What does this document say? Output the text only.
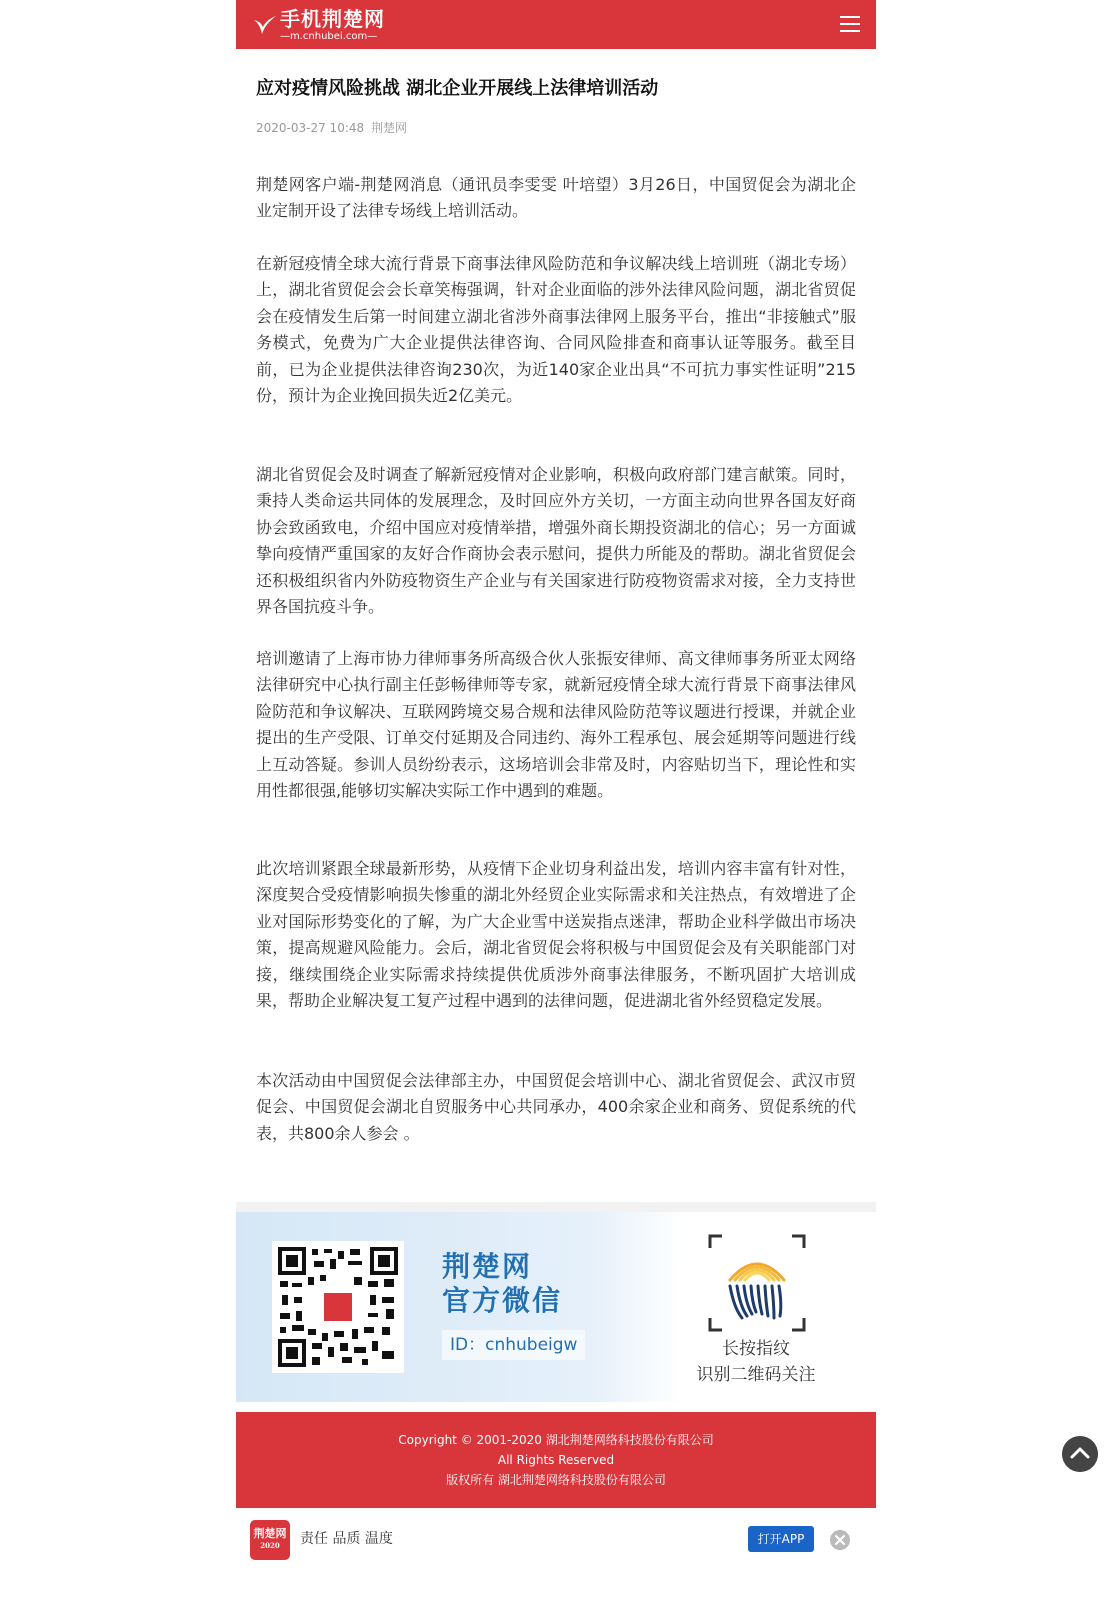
手机荆楚网
—m.cnhubei.com—
应对疫情风险挑战 湖北企业开展线上法律培训活动
2020-03-27 10:48 荆楚网

荆楚网客户端-荆楚网消息（通讯员李雯雯 叶培望）3月26日，中国贸促会为湖北企业定制开设了法律专场线上培训活动。

在新冠疫情全球大流行背景下商事法律风险防范和争议解决线上培训班（湖北专场）上，湖北省贸促会会长章笑梅强调，针对企业面临的涉外法律风险问题，湖北省贸促会在疫情发生后第一时间建立湖北省涉外商事法律网上服务平台，推出“非接触式”服务模式，免费为广大企业提供法律咨询、合同风险排查和商事认证等服务。截至目前，已为企业提供法律咨询230次，为近140家企业出具“不可抗力事实性证明”215份，预计为企业挽回损失近2亿美元。

湖北省贸促会及时调查了解新冠疫情对企业影响，积极向政府部门建言献策。同时，秉持人类命运共同体的发展理念，及时回应外方关切，一方面主动向世界各国友好商协会致函致电，介绍中国应对疫情举措，增强外商长期投资湖北的信心；另一方面诚挚向疫情严重国家的友好合作商协会表示慰问，提供力所能及的帮助。湖北省贸促会还积极组织省内外防疫物资生产企业与有关国家进行防疫物资需求对接，全力支持世界各国抗疫斗争。

培训邀请了上海市协力律师事务所高级合伙人张振安律师、高文律师事务所亚太网络法律研究中心执行副主任彭畅律师等专家，就新冠疫情全球大流行背景下商事法律风险防范和争议解决、互联网跨境交易合规和法律风险防范等议题进行授课，并就企业提出的生产受限、订单交付延期及合同违约、海外工程承包、展会延期等问题进行线上互动答疑。参训人员纷纷表示，这场培训会非常及时，内容贴切当下，理论性和实用性都很强,能够切实解决实际工作中遇到的难题。

此次培训紧跟全球最新形势，从疫情下企业切身利益出发，培训内容丰富有针对性，深度契合受疫情影响损失惨重的湖北外经贸企业实际需求和关注热点，有效增进了企业对国际形势变化的了解，为广大企业雪中送炭指点迷津，帮助企业科学做出市场决策，提高规避风险能力。会后，湖北省贸促会将积极与中国贸促会及有关职能部门对接，继续围绕企业实际需求持续提供优质涉外商事法律服务，不断巩固扩大培训成果，帮助企业解决复工复产过程中遇到的法律问题，促进湖北省外经贸稳定发展。

本次活动由中国贸促会法律部主办，中国贸促会培训中心、湖北省贸促会、武汉市贸促会、中国贸促会湖北自贸服务中心共同承办，400余家企业和商务、贸促系统的代表，共800余人参会 。

荆楚网
官方微信
ID：cnhubeigw	长按指纹
识别二维码关注
Copyright © 2001-2020 湖北荆楚网络科技股份有限公司
All Rights Reserved
版权所有 湖北荆楚网络科技股份有限公司
荆楚网
2020	责任 品质 温度	打开APP
